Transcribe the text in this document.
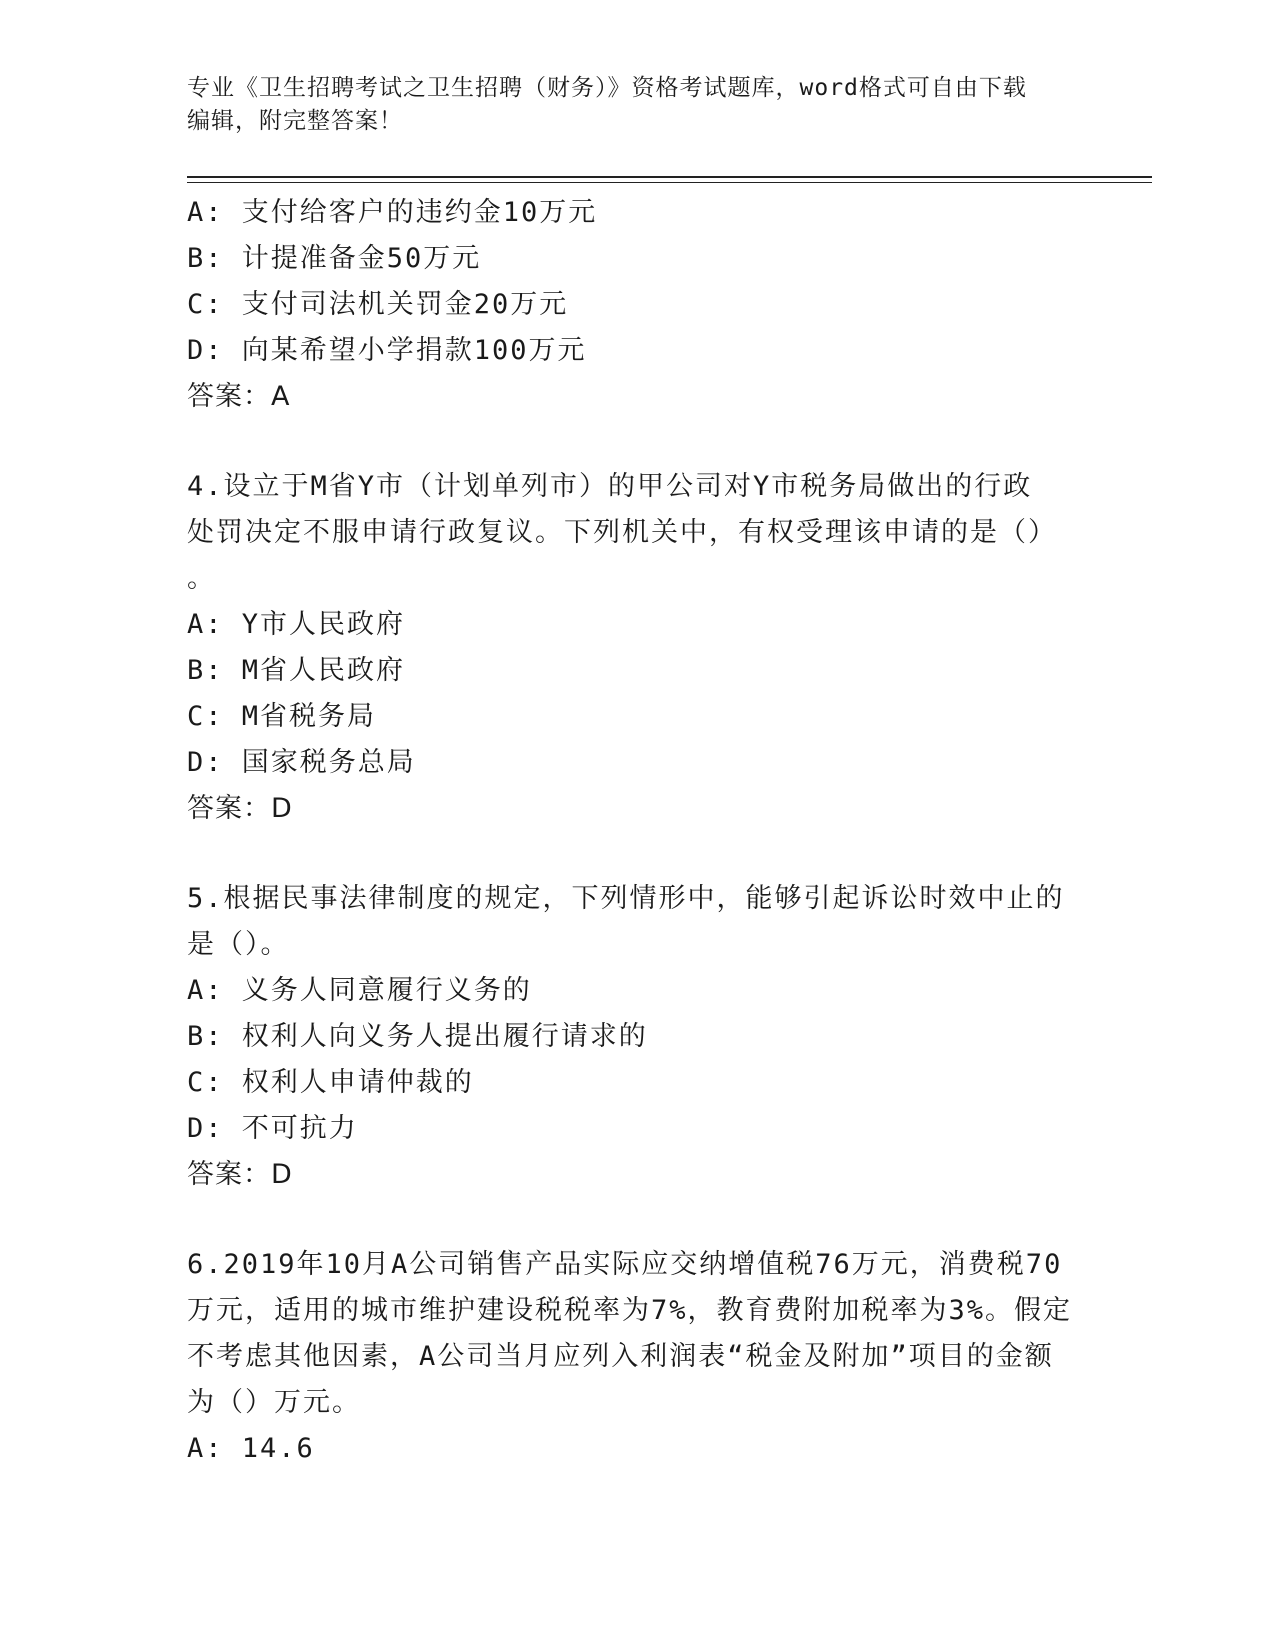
专业《卫生招聘考试之卫生招聘（财务）》资格考试题库，word格式可自由下载
编辑，附完整答案！
A: 支付给客户的违约金10万元
B: 计提准备金50万元
C: 支付司法机关罚金20万元
D: 向某希望小学捐款100万元
答案：A
4.设立于M省Y市（计划单列市）的甲公司对Y市税务局做出的行政
处罚决定不服申请行政复议。下列机关中，有权受理该申请的是（）
。
A: Y市人民政府
B: M省人民政府
C: M省税务局
D: 国家税务总局
答案：D
5.根据民事法律制度的规定，下列情形中，能够引起诉讼时效中止的
是（）。
A: 义务人同意履行义务的
B: 权利人向义务人提出履行请求的
C: 权利人申请仲裁的
D: 不可抗力
答案：D
6.2019年10月A公司销售产品实际应交纳增值税76万元，消费税70
万元，适用的城市维护建设税税率为7%，教育费附加税率为3%。假定
不考虑其他因素，A公司当月应列入利润表“税金及附加”项目的金额
为（）万元。
A: 14.6
